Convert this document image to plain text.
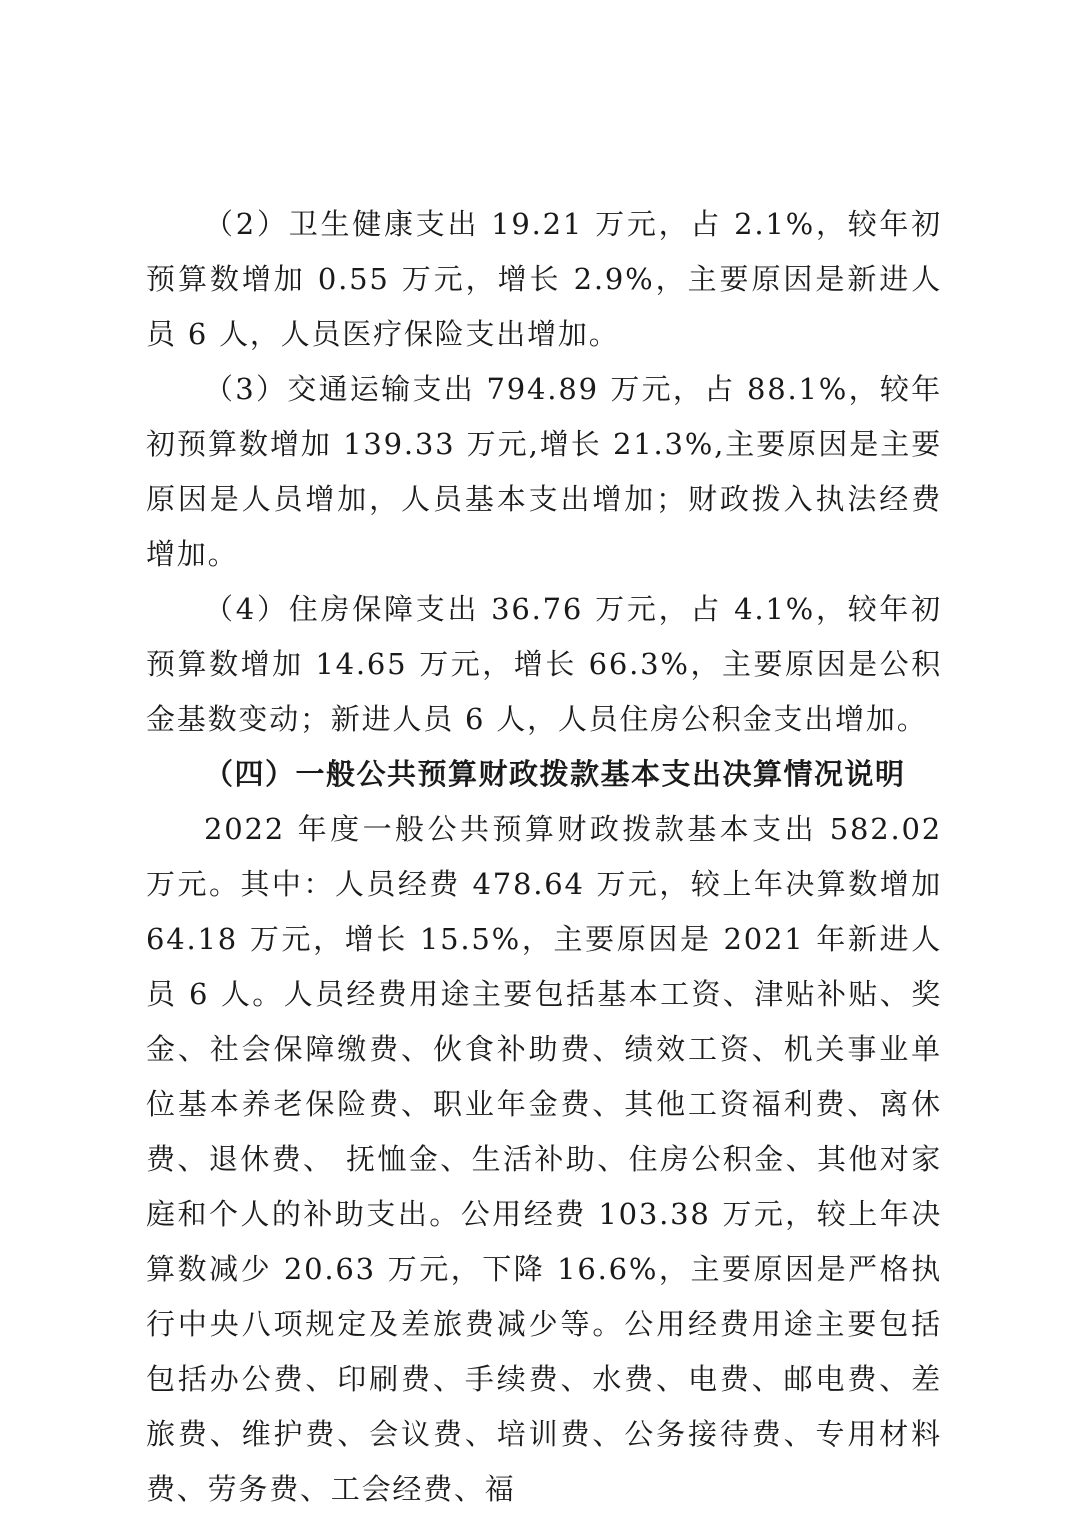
（2）卫生健康支出 19.21 万元，占 2.1%，较年初预算数增加 0.55 万元，增长 2.9%，主要原因是新进人员 6 人，人员医疗保险支出增加。

（3）交通运输支出 794.89 万元，占 88.1%，较年初预算数增加 139.33 万元,增长 21.3%,主要原因是主要原因是人员增加，人员基本支出增加；财政拨入执法经费增加。

（4）住房保障支出 36.76 万元，占 4.1%，较年初预算数增加 14.65 万元，增长 66.3%，主要原因是公积金基数变动；新进人员 6 人，人员住房公积金支出增加。

（四）一般公共预算财政拨款基本支出决算情况说明

2022 年度一般公共预算财政拨款基本支出 582.02 万元。其中：人员经费 478.64 万元，较上年决算数增加 64.18 万元，增长 15.5%，主要原因是 2021 年新进人员 6 人。人员经费用途主要包括基本工资、津贴补贴、奖金、社会保障缴费、伙食补助费、绩效工资、机关事业单位基本养老保险费、职业年金费、其他工资福利费、离休费、退休费、 抚恤金、生活补助、住房公积金、其他对家庭和个人的补助支出。公用经费 103.38 万元，较上年决算数减少 20.63 万元，下降 16.6%，主要原因是严格执行中央八项规定及差旅费减少等。公用经费用途主要包括包括办公费、印刷费、手续费、水费、电费、邮电费、差旅费、维护费、会议费、培训费、公务接待费、专用材料费、劳务费、工会经费、福
